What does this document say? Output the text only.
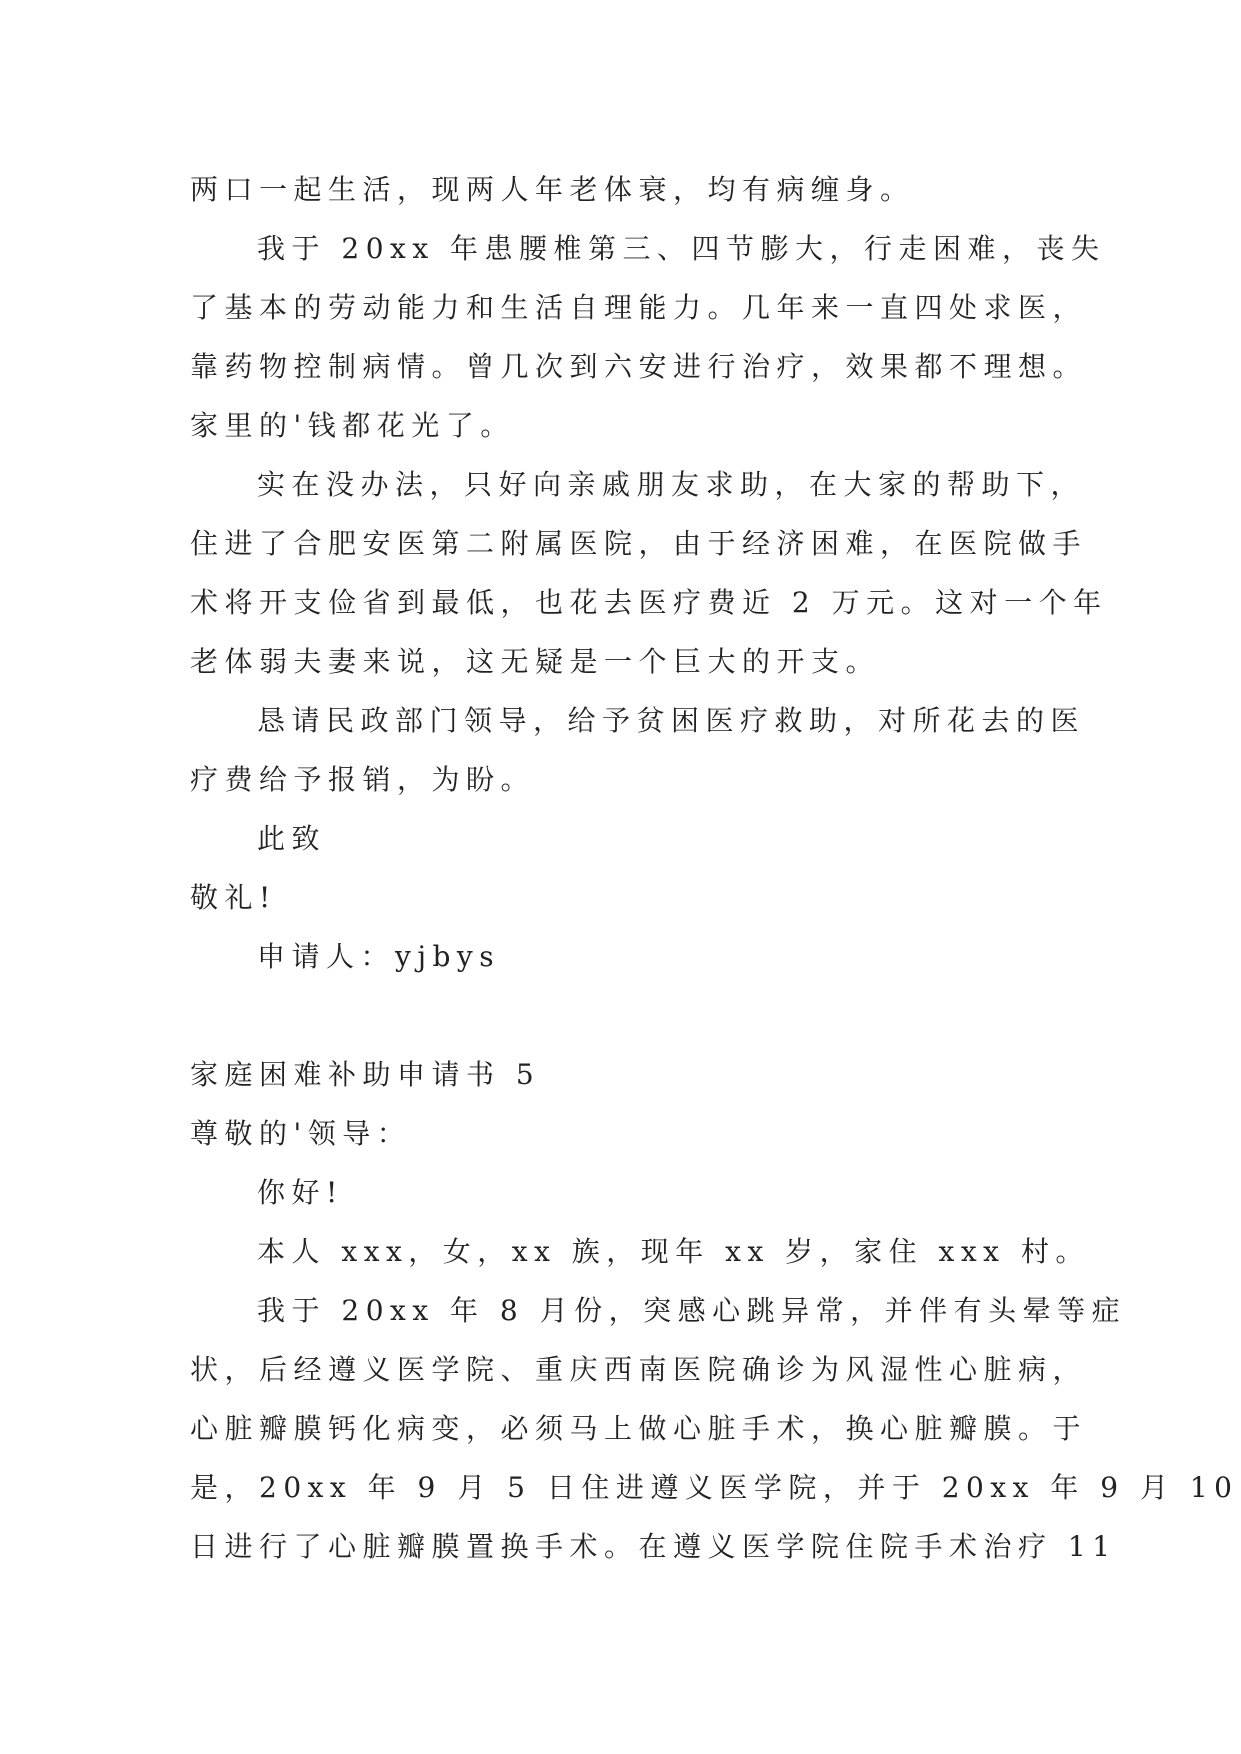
两口一起生活，现两人年老体衰，均有病缠身。
我于 20xx 年患腰椎第三、四节膨大，行走困难，丧失
了基本的劳动能力和生活自理能力。几年来一直四处求医，
靠药物控制病情。曾几次到六安进行治疗，效果都不理想。
家里的'钱都花光了。
实在没办法，只好向亲戚朋友求助，在大家的帮助下，
住进了合肥安医第二附属医院，由于经济困难，在医院做手
术将开支俭省到最低，也花去医疗费近 2 万元。这对一个年
老体弱夫妻来说，这无疑是一个巨大的开支。
恳请民政部门领导，给予贫困医疗救助，对所花去的医
疗费给予报销，为盼。
此致
敬礼!
申请人：yjbys
家庭困难补助申请书 5
尊敬的'领导：
你好!
本人 xxx，女，xx 族，现年 xx 岁，家住 xxx 村。
我于 20xx 年 8 月份，突感心跳异常，并伴有头晕等症
状，后经遵义医学院、重庆西南医院确诊为风湿性心脏病，
心脏瓣膜钙化病变，必须马上做心脏手术，换心脏瓣膜。于
是，20xx 年 9 月 5 日住进遵义医学院，并于 20xx 年 9 月 10
日进行了心脏瓣膜置换手术。在遵义医学院住院手术治疗 11
